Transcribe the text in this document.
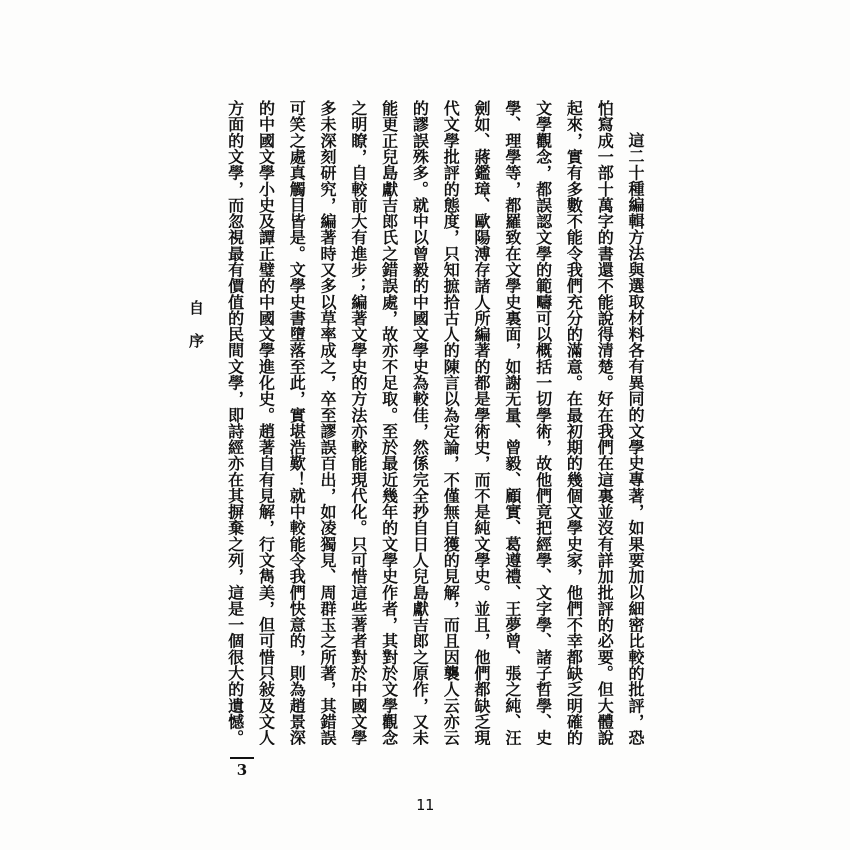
這二十種編輯方法與選取材料各有異同的文學史專著，如果要加以細密比較的批評，恐
怕寫成一部十萬字的書還不能說得清楚。好在我們在這裏並沒有詳加批評的必要。但大體說
起來，實有多數不能令我們充分的滿意。在最初期的幾個文學史家，他們不幸都缺乏明確的
文學觀念，都誤認文學的範疇可以概括一切學術，故他們竟把經學、文字學、諸子哲學、史
學、理學等，都羅致在文學史裏面，如謝无量、曾毅、顧實、葛遵禮、王夢曾、張之純、汪
劍如、蔣鑑璋、歐陽溥存諸人所編著的都是學術史，而不是純文學史。並且，他們都缺乏現
代文學批評的態度，只知摭拾古人的陳言以為定論，不僅無自獲的見解，而且因襲人云亦云
的謬誤殊多。就中以曾毅的中國文學史為較佳，然係完全抄自日人兒島獻吉郎之原作，又未
能更正兒島獻吉郎氏之錯誤處，故亦不足取。至於最近幾年的文學史作者，其對於文學觀念
之明瞭，自較前大有進步；編著文學史的方法亦較能現代化。只可惜這些著者對於中國文學
多未深刻研究，編著時又多以草率成之，卒至謬誤百出，如凌獨見、周群玉之所著，其錯誤
可笑之處真觸目皆是。文學史書墮落至此，實堪浩歎！就中較能令我們快意的，則為趙景深
的中國文學小史及譚正璧的中國文學進化史。趙著自有見解，行文雋美，但可惜只敍及文人
方面的文學，而忽視最有價值的民間文學，即詩經亦在其摒棄之列，這是一個很大的遺憾。
自序
3
11
